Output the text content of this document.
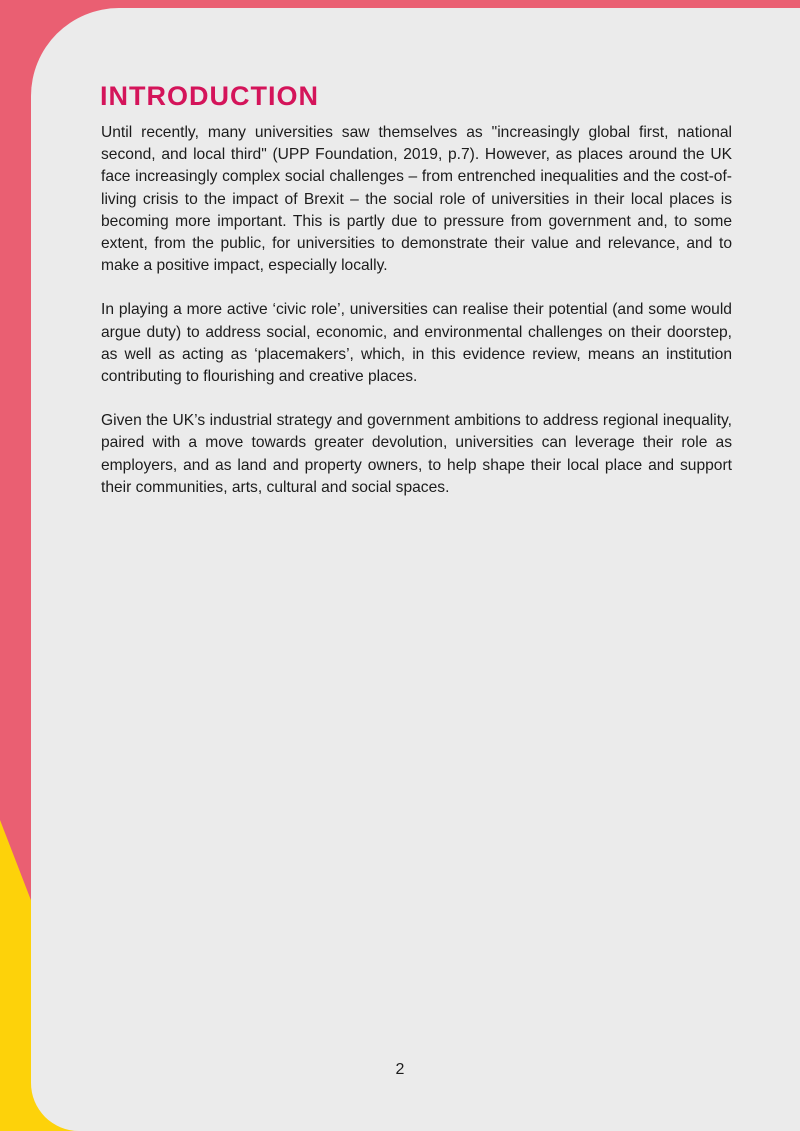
INTRODUCTION

Until recently, many universities saw themselves as "increasingly global first, national second, and local third" (UPP Foundation, 2019, p.7). However, as places around the UK face increasingly complex social challenges – from entrenched inequalities and the cost-of-living crisis to the impact of Brexit – the social role of universities in their local places is becoming more important. This is partly due to pressure from government and, to some extent, from the public, for universities to demonstrate their value and relevance, and to make a positive impact, especially locally.

In playing a more active ‘civic role’, universities can realise their potential (and some would argue duty) to address social, economic, and environmental challenges on their doorstep, as well as acting as ‘placemakers’, which, in this evidence review, means an institution contributing to flourishing and creative places.

Given the UK’s industrial strategy and government ambitions to address regional inequality, paired with a move towards greater devolution, universities can leverage their role as employers, and as land and property owners, to help shape their local place and support their communities, arts, cultural and social spaces.

2
